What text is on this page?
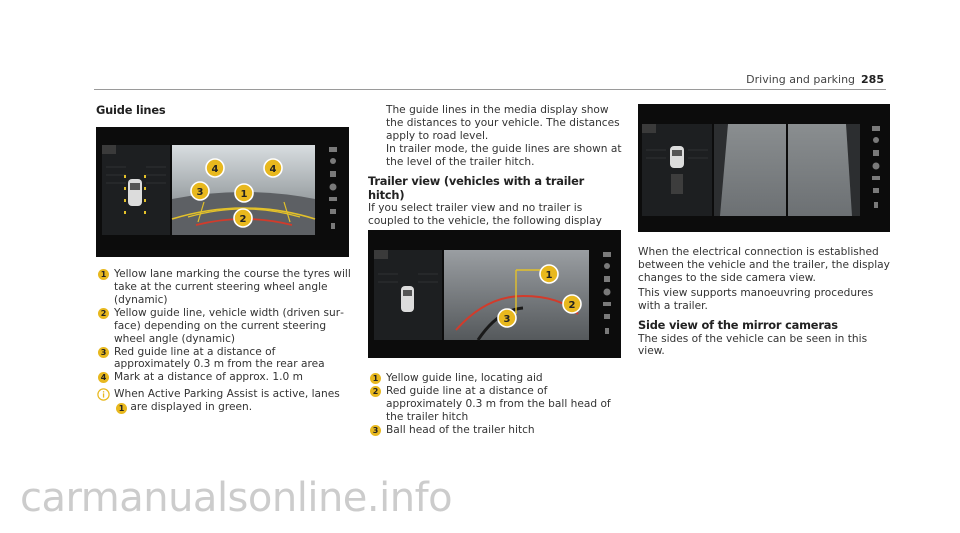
Driving and parking 285
Guide lines
4	4
1
3
2
1 Yellow lane marking the course the tyres will take at the current steering wheel angle (dynamic)
2 Yellow guide line, vehicle width (driven surface) depending on the current steering wheel angle (dynamic)
3 Red guide line at a distance of approximately 0.3 m from the rear area
4 Mark at a distance of approx. 1.0 m
When Active Parking Assist is active, lanes1 are displayed in green.
The guide lines in the media display show the distances to your vehicle. The distances apply to road level.
In trailer mode, the guide lines are shown at the level of the trailer hitch.
Trailer view (vehicles with a trailer hitch)
If you select trailer view and no trailer is coupled to the vehicle, the following display
1
2
3
1 Yellow guide line, locating aid
2 Red guide line at a distance of approximately 0.3 m from the ball head of the trailer hitch
3 Ball head of the trailer hitch
When the electrical connection is established between the vehicle and the trailer, the display changes to the side camera view.
This view supports manoeuvring procedures with a trailer.
Side view of the mirror cameras
The sides of the vehicle can be seen in this view.
carmanualsonline.info
